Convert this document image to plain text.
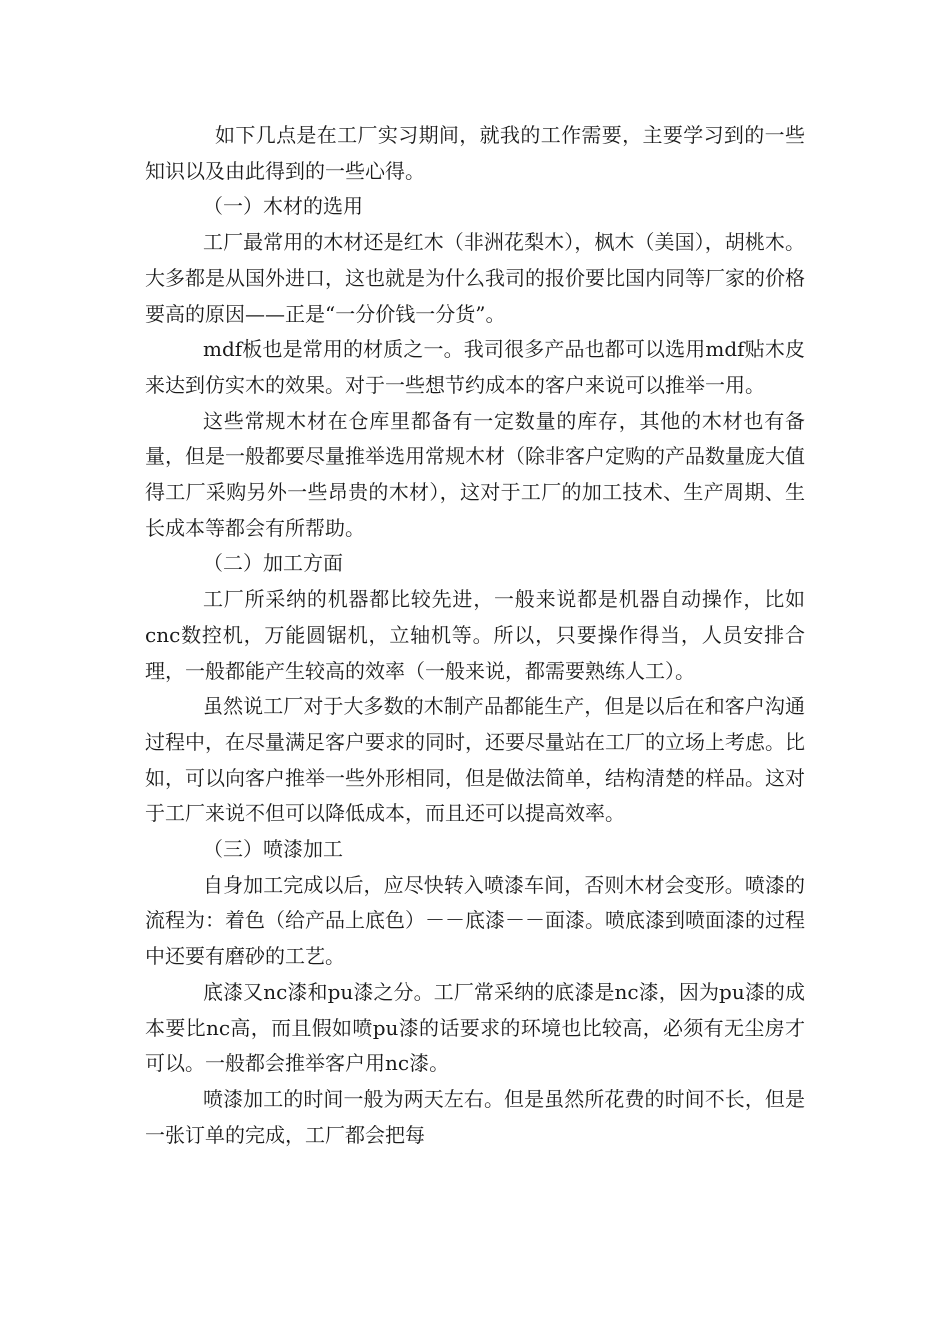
如下几点是在工厂实习期间，就我的工作需要，主要学习到的一些知识以及由此得到的一些心得。

（一）木材的选用

工厂最常用的木材还是红木（非洲花梨木），枫木（美国），胡桃木。大多都是从国外进口，这也就是为什么我司的报价要比国内同等厂家的价格要高的原因——正是“一分价钱一分货”。

mdf板也是常用的材质之一。我司很多产品也都可以选用mdf贴木皮来达到仿实木的效果。对于一些想节约成本的客户来说可以推举一用。

这些常规木材在仓库里都备有一定数量的库存，其他的木材也有备量，但是一般都要尽量推举选用常规木材（除非客户定购的产品数量庞大值得工厂采购另外一些昂贵的木材），这对于工厂的加工技术、生产周期、生长成本等都会有所帮助。

（二）加工方面

工厂所采纳的机器都比较先进，一般来说都是机器自动操作，比如cnc数控机，万能圆锯机，立轴机等。所以，只要操作得当，人员安排合理，一般都能产生较高的效率（一般来说，都需要熟练人工）。

虽然说工厂对于大多数的木制产品都能生产，但是以后在和客户沟通过程中，在尽量满足客户要求的同时，还要尽量站在工厂的立场上考虑。比如，可以向客户推举一些外形相同，但是做法简单，结构清楚的样品。这对于工厂来说不但可以降低成本，而且还可以提高效率。

（三）喷漆加工

自身加工完成以后，应尽快转入喷漆车间，否则木材会变形。喷漆的流程为：着色（给产品上底色）－－底漆－－面漆。喷底漆到喷面漆的过程中还要有磨砂的工艺。

底漆又nc漆和pu漆之分。工厂常采纳的底漆是nc漆，因为pu漆的成本要比nc高，而且假如喷pu漆的话要求的环境也比较高，必须有无尘房才可以。一般都会推举客户用nc漆。

喷漆加工的时间一般为两天左右。但是虽然所花费的时间不长，但是一张订单的完成，工厂都会把每
